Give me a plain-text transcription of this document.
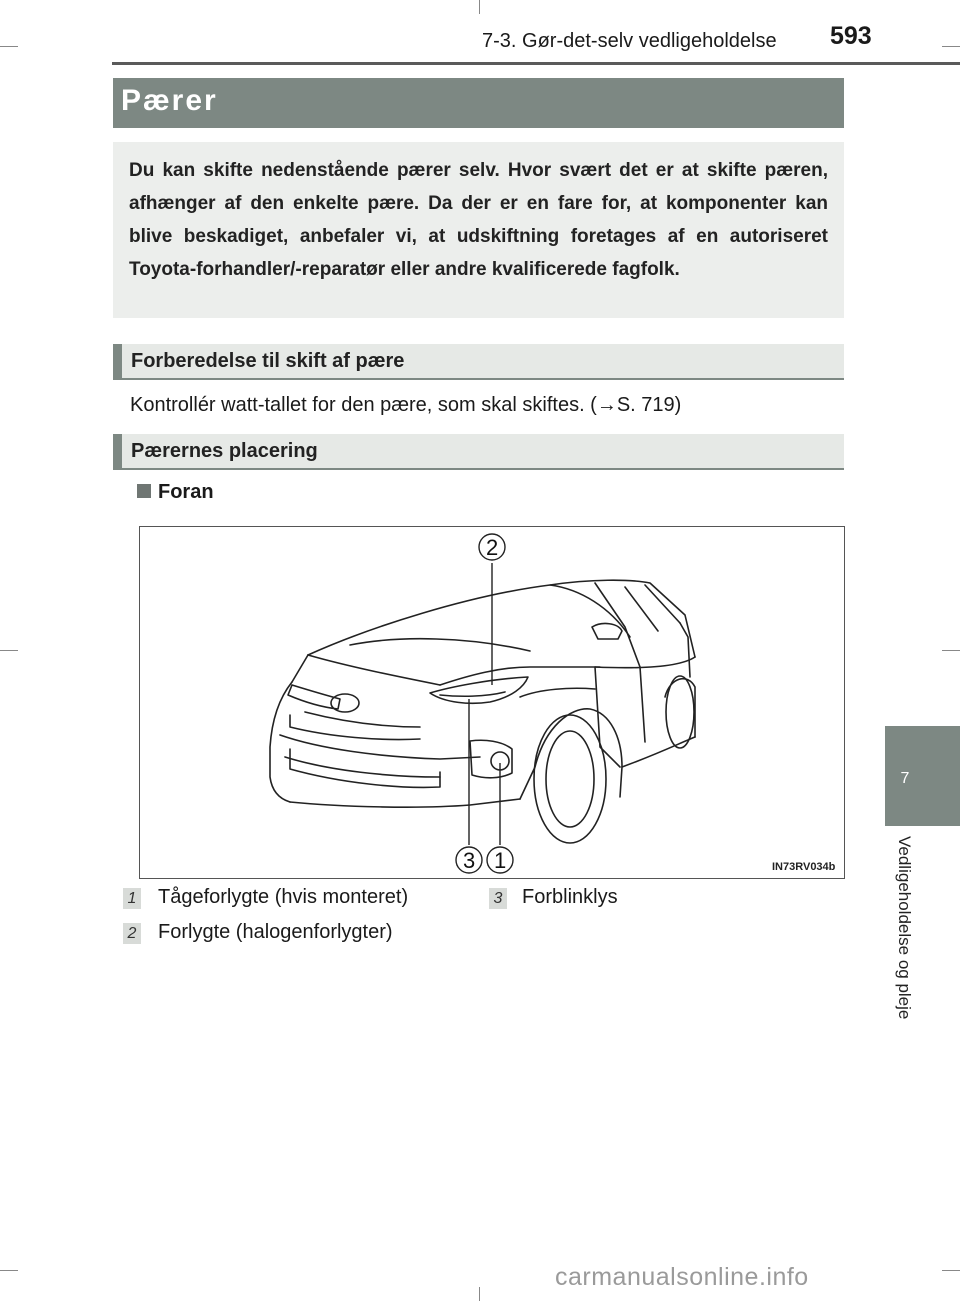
7-3. Gør-det-selv vedligeholdelse 593
Pærer
Du kan skifte nedenstående pærer selv. Hvor svært det er at skifte pæren, afhænger af den enkelte pære. Da der er en fare for, at komponenter kan blive beskadiget, anbefaler vi, at udskiftning foretages af en autoriseret Toyota-forhandler/-reparatør eller andre kvalificerede fagfolk.
Forberedelse til skift af pære
Kontrollér watt-tallet for den pære, som skal skiftes. (→S. 719)
Pærernes placering
Foran
2
3 1	IN73RV034b
1 Tågeforlygte (hvis monteret)
2 Forlygte (halogenforlygter)
3 Forblinklys
7
Vedligeholdelse og pleje
carmanualsonline.info
